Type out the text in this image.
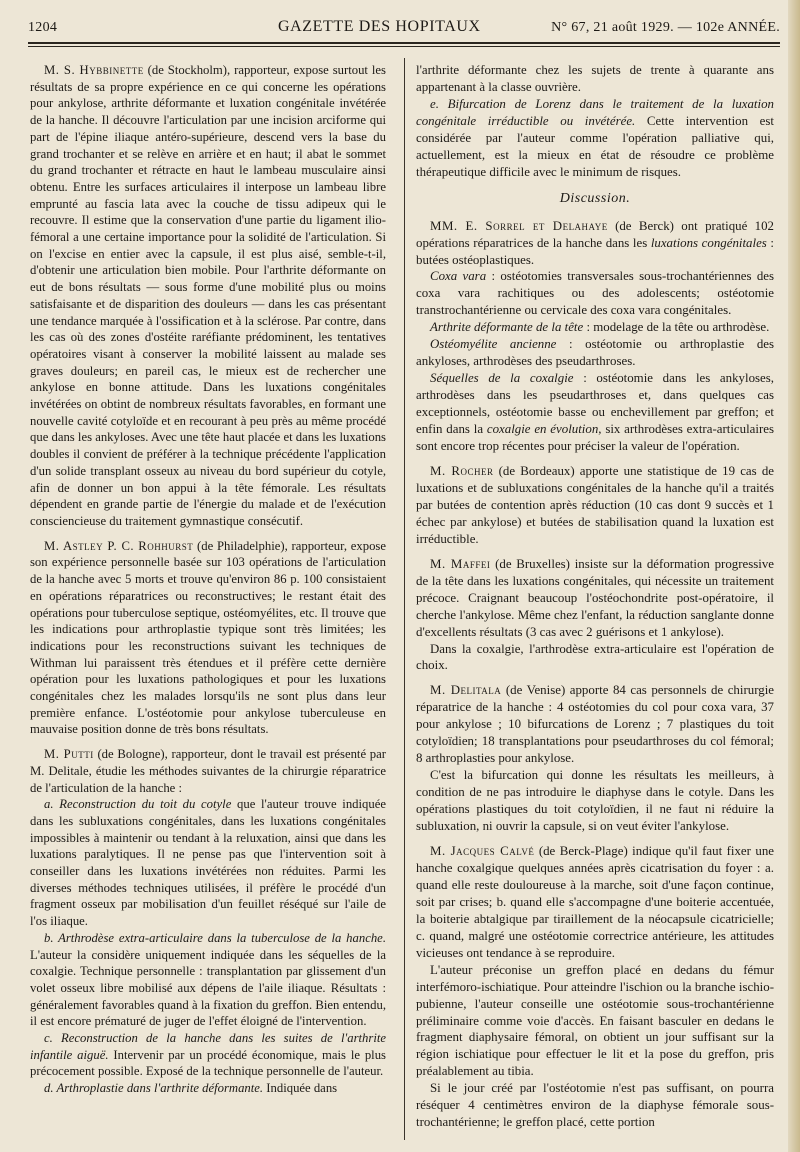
1204	GAZETTE DES HOPITAUX	N° 67, 21 août 1929. — 102e ANNÉE.

M. S. Hybbinette (de Stockholm), rapporteur, expose surtout les résultats de sa propre expérience en ce qui concerne les opérations pour ankylose, arthrite déformante et luxation congénitale invétérée de la hanche. Il découvre l'articulation par une incision arciforme qui part de l'épine iliaque antéro-supérieure, descend vers la base du grand trochanter et se relève en arrière et en haut; il abat le sommet du grand trochanter et rétracte en haut le lambeau musculaire ainsi obtenu. Entre les surfaces articulaires il interpose un lambeau libre emprunté au fascia lata avec la couche de tissu adipeux qui le recouvre. Il estime que la conservation d'une partie du ligament ilio-fémoral a une certaine importance pour la solidité de l'articulation. Si on l'excise en entier avec la capsule, il est plus aisé, semble-t-il, d'obtenir une articulation bien mobile. Pour l'arthrite déformante on eut de bons résultats — sous forme d'une mobilité plus ou moins satisfaisante et de disparition des douleurs — dans les cas présentant une tendance marquée à l'ossification et à la sclérose. Par contre, dans les cas où des zones d'ostéite raréfiante prédominent, les tentatives opératoires visant à conserver la mobilité laissent au malade ses graves douleurs; en pareil cas, le mieux est de rechercher une ankylose en bonne attitude. Dans les luxations congénitales invétérées on obtint de nombreux résultats favorables, en formant une nouvelle cavité cotyloïde et en recourant à peu près au même procédé que dans les ankyloses. Avec une tête haut placée et dans les luxations doubles il convient de préférer à la technique précédente l'application d'un solide transplant osseux au niveau du bord supérieur du cotyle, afin de donner un bon appui à la tête fémorale. Les résultats dépendent en grande partie de l'énergie du malade et de l'exécution consciencieuse du traitement gymnastique consécutif.

M. Astley P. C. Rohhurst (de Philadelphie), rapporteur, expose son expérience personnelle basée sur 103 opérations de l'articulation de la hanche avec 5 morts et trouve qu'environ 86 p. 100 consistaient en opérations réparatrices ou reconstructives; le restant était des opérations pour tuberculose septique, ostéomyélites, etc. Il trouve que les indications pour arthroplastie typique sont très limitées; les indications pour les reconstructions suivant les techniques de Withman lui paraissent très étendues et il préfère cette dernière opération pour les luxations pathologiques et pour les luxations congénitales chez les malades lorsqu'ils ne sont plus dans leur première enfance. L'ostéotomie pour ankylose tuberculeuse en mauvaise position donne de très bons résultats.

M. Putti (de Bologne), rapporteur, dont le travail est présenté par M. Delitale, étudie les méthodes suivantes de la chirurgie réparatrice de l'articulation de la hanche :

a. Reconstruction du toit du cotyle que l'auteur trouve indiquée dans les subluxations congénitales, dans les luxations congénitales impossibles à maintenir ou tendant à la reluxation, ainsi que dans les luxations paralytiques. Il ne pense pas que l'intervention soit à conseiller dans les luxations invétérées non réduites. Parmi les diverses méthodes techniques utilisées, il préfère le procédé d'un fragment osseux par mobilisation d'un feuillet réséqué sur l'aile de l'os iliaque.

b. Arthrodèse extra-articulaire dans la tuberculose de la hanche. L'auteur la considère uniquement indiquée dans les séquelles de la coxalgie. Technique personnelle : transplantation par glissement d'un volet osseux libre mobilisé aux dépens de l'aile iliaque. Résultats : généralement favorables quand à la fixation du greffon. Bien entendu, il est encore prématuré de juger de l'effet éloigné de l'intervention.

c. Reconstruction de la hanche dans les suites de l'arthrite infantile aiguë. Intervenir par un procédé économique, mais le plus précocement possible. Exposé de la technique personnelle de l'auteur.

d. Arthroplastie dans l'arthrite déformante. Indiquée dans

l'arthrite déformante chez les sujets de trente à quarante ans appartenant à la classe ouvrière.

e. Bifurcation de Lorenz dans le traitement de la luxation congénitale irréductible ou invétérée. Cette intervention est considérée par l'auteur comme l'opération palliative qui, actuellement, est la mieux en état de résoudre ce problème thérapeutique difficile avec le minimum de risques.

Discussion.

MM. E. Sorrel et Delahaye (de Berck) ont pratiqué 102 opérations réparatrices de la hanche dans les luxations congénitales : butées ostéoplastiques.

Coxa vara : ostéotomies transversales sous-trochantériennes des coxa vara rachitiques ou des adolescents; ostéotomie transtrochantérienne ou cervicale des coxa vara congénitales.

Arthrite déformante de la tête : modelage de la tête ou arthrodèse.

Ostéomyélite ancienne : ostéotomie ou arthroplastie des ankyloses, arthrodèses des pseudarthroses.

Séquelles de la coxalgie : ostéotomie dans les ankyloses, arthrodèses dans les pseudarthroses et, dans quelques cas exceptionnels, ostéotomie basse ou enchevillement par greffon; et enfin dans la coxalgie en évolution, six arthrodèses extra-articulaires sont encore trop récentes pour préciser la valeur de l'opération.

M. Rocher (de Bordeaux) apporte une statistique de 19 cas de luxations et de subluxations congénitales de la hanche qu'il a traités par butées de contention après réduction (10 cas dont 9 succès et 1 échec par ankylose) et butées de stabilisation quand la luxation est irréductible.

M. Maffei (de Bruxelles) insiste sur la déformation progressive de la tête dans les luxations congénitales, qui nécessite un traitement précoce. Craignant beaucoup l'ostéochondrite post-opératoire, il cherche l'ankylose. Même chez l'enfant, la réduction sanglante donne d'excellents résultats (3 cas avec 2 guérisons et 1 ankylose).

Dans la coxalgie, l'arthrodèse extra-articulaire est l'opération de choix.

M. Delitala (de Venise) apporte 84 cas personnels de chirurgie réparatrice de la hanche : 4 ostéotomies du col pour coxa vara, 37 pour ankylose ; 10 bifurcations de Lorenz ; 7 plastiques du toit cotyloïdien; 18 transplantations pour pseudarthroses du col fémoral; 8 arthroplasties pour ankylose.

C'est la bifurcation qui donne les résultats les meilleurs, à condition de ne pas introduire le diaphyse dans le cotyle. Dans les opérations plastiques du toit cotyloïdien, il ne faut ni réduire la subluxation, ni ouvrir la capsule, si on veut éviter l'ankylose.

M. Jacques Calvé (de Berck-Plage) indique qu'il faut fixer une hanche coxalgique quelques années après cicatrisation du foyer : a. quand elle reste douloureuse à la marche, soit d'une façon continue, soit par crises; b. quand elle s'accompagne d'une boiterie accentuée, la boiterie abtalgique par tiraillement de la néocapsule cicatricielle; c. quand, malgré une ostéotomie correctrice antérieure, les attitudes vicieuses ont tendance à se reproduire.

L'auteur préconise un greffon placé en dedans du fémur interfémoro-ischiatique. Pour atteindre l'ischion ou la branche ischio-pubienne, l'auteur conseille une ostéotomie sous-trochantérienne préliminaire comme voie d'accès. En faisant basculer en dedans le fragment diaphysaire fémoral, on obtient un jour suffisant sur la région ischiatique pour effectuer le lit et la pose du greffon, pris préalablement au tibia.

Si le jour créé par l'ostéotomie n'est pas suffisant, on pourra réséquer 4 centimètres environ de la diaphyse fémorale sous-trochantérienne; le greffon placé, cette portion
